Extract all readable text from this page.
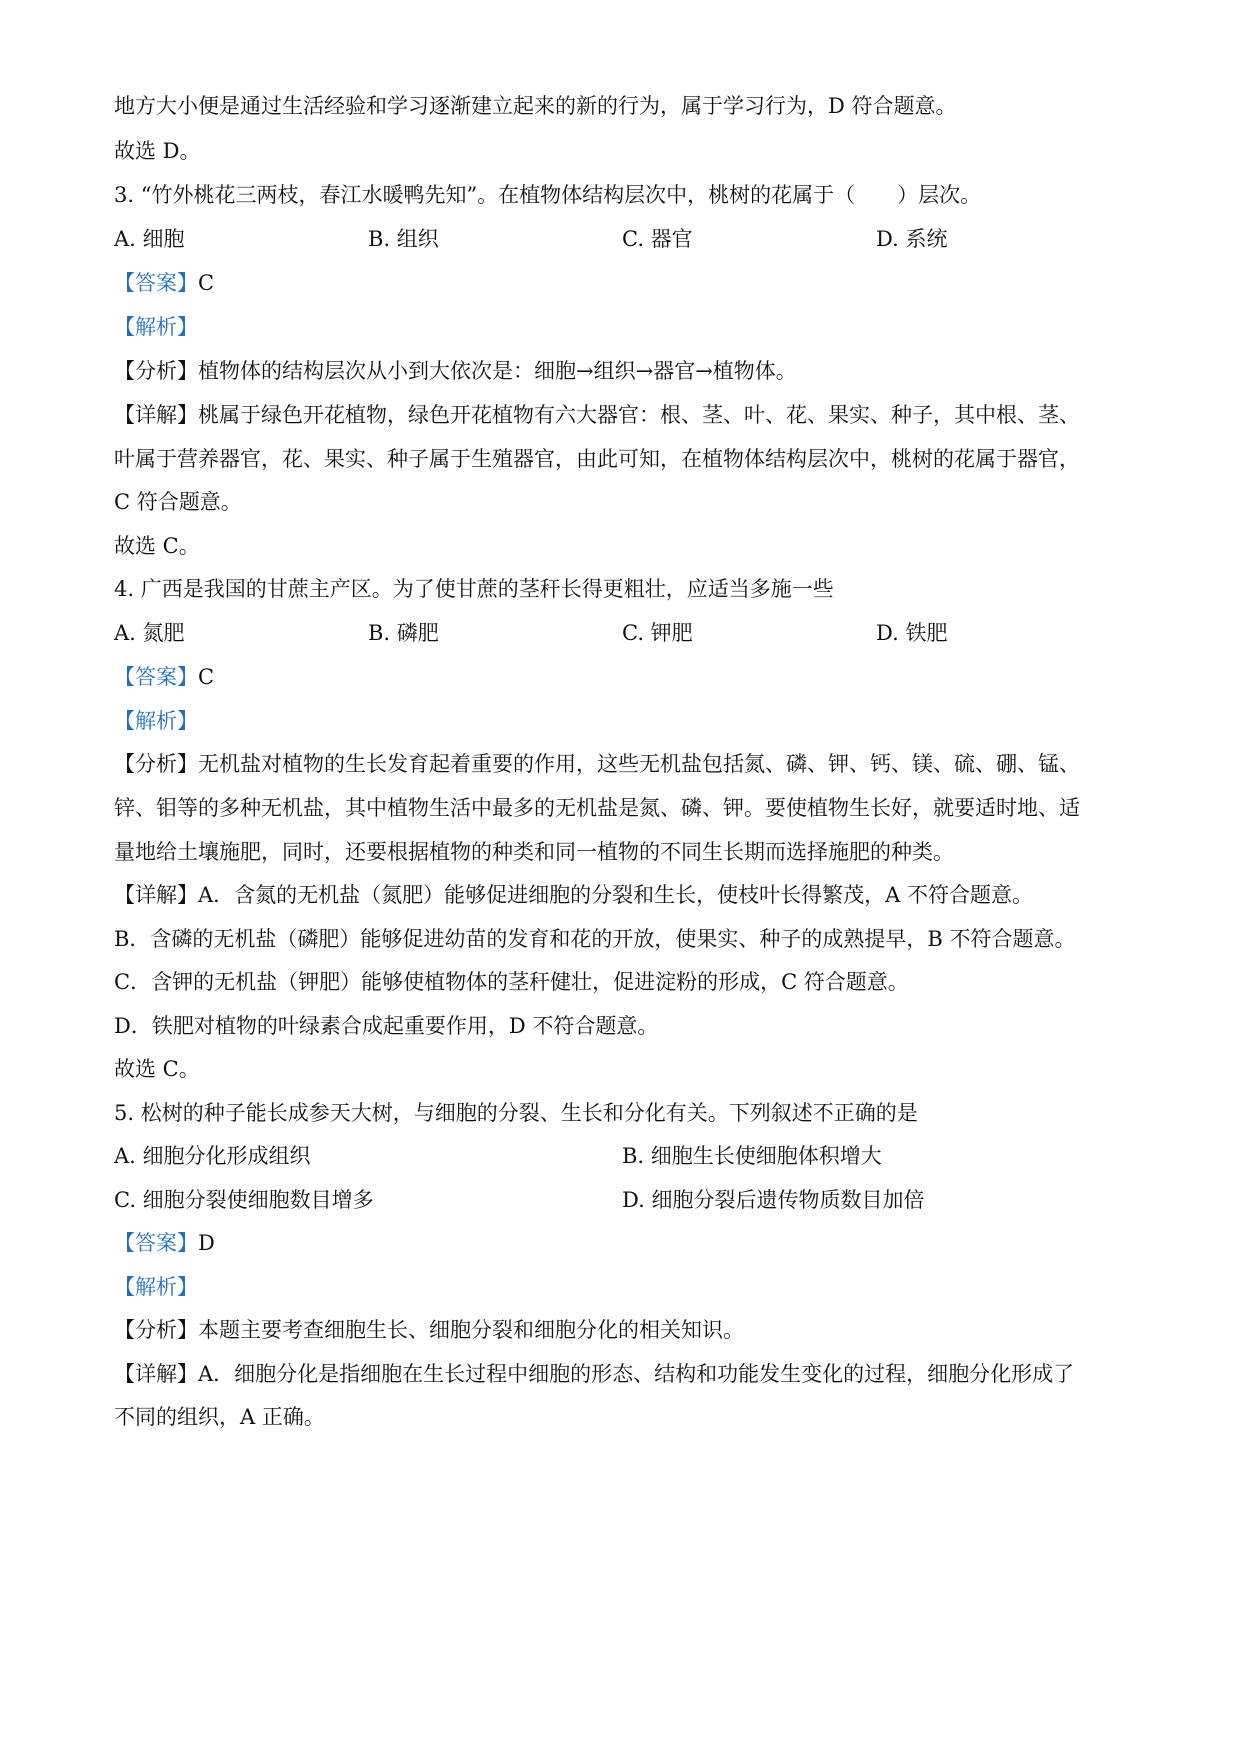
地方大小便是通过生活经验和学习逐渐建立起来的新的行为，属于学习行为，D 符合题意。
故选 D。
3. “竹外桃花三两枝，春江水暖鸭先知”。在植物体结构层次中，桃树的花属于（　　）层次。
A. 细胞	B. 组织	C. 器官	D. 系统
【答案】C
【解析】
【分析】植物体的结构层次从小到大依次是：细胞→组织→器官→植物体。
【详解】桃属于绿色开花植物，绿色开花植物有六大器官：根、茎、叶、花、果实、种子，其中根、茎、
叶属于营养器官，花、果实、种子属于生殖器官，由此可知，在植物体结构层次中，桃树的花属于器官，
C 符合题意。
故选 C。
4. 广西是我国的甘蔗主产区。为了使甘蔗的茎秆长得更粗壮，应适当多施一些
A. 氮肥	B. 磷肥	C. 钾肥	D. 铁肥
【答案】C
【解析】
【分析】无机盐对植物的生长发育起着重要的作用，这些无机盐包括氮、磷、钾、钙、镁、硫、硼、锰、
锌、钼等的多种无机盐，其中植物生活中最多的无机盐是氮、磷、钾。要使植物生长好，就要适时地、适
量地给土壤施肥，同时，还要根据植物的种类和同一植物的不同生长期而选择施肥的种类。
【详解】A．含氮的无机盐（氮肥）能够促进细胞的分裂和生长，使枝叶长得繁茂，A 不符合题意。
B．含磷的无机盐（磷肥）能够促进幼苗的发育和花的开放，使果实、种子的成熟提早，B 不符合题意。
C．含钾的无机盐（钾肥）能够使植物体的茎秆健壮，促进淀粉的形成，C 符合题意。
D．铁肥对植物的叶绿素合成起重要作用，D 不符合题意。
故选 C。
5. 松树的种子能长成参天大树，与细胞的分裂、生长和分化有关。下列叙述不正确的是
A. 细胞分化形成组织	B. 细胞生长使细胞体积增大
C. 细胞分裂使细胞数目增多	D. 细胞分裂后遗传物质数目加倍
【答案】D
【解析】
【分析】本题主要考查细胞生长、细胞分裂和细胞分化的相关知识。
【详解】A．细胞分化是指细胞在生长过程中细胞的形态、结构和功能发生变化的过程，细胞分化形成了
不同的组织，A 正确。
